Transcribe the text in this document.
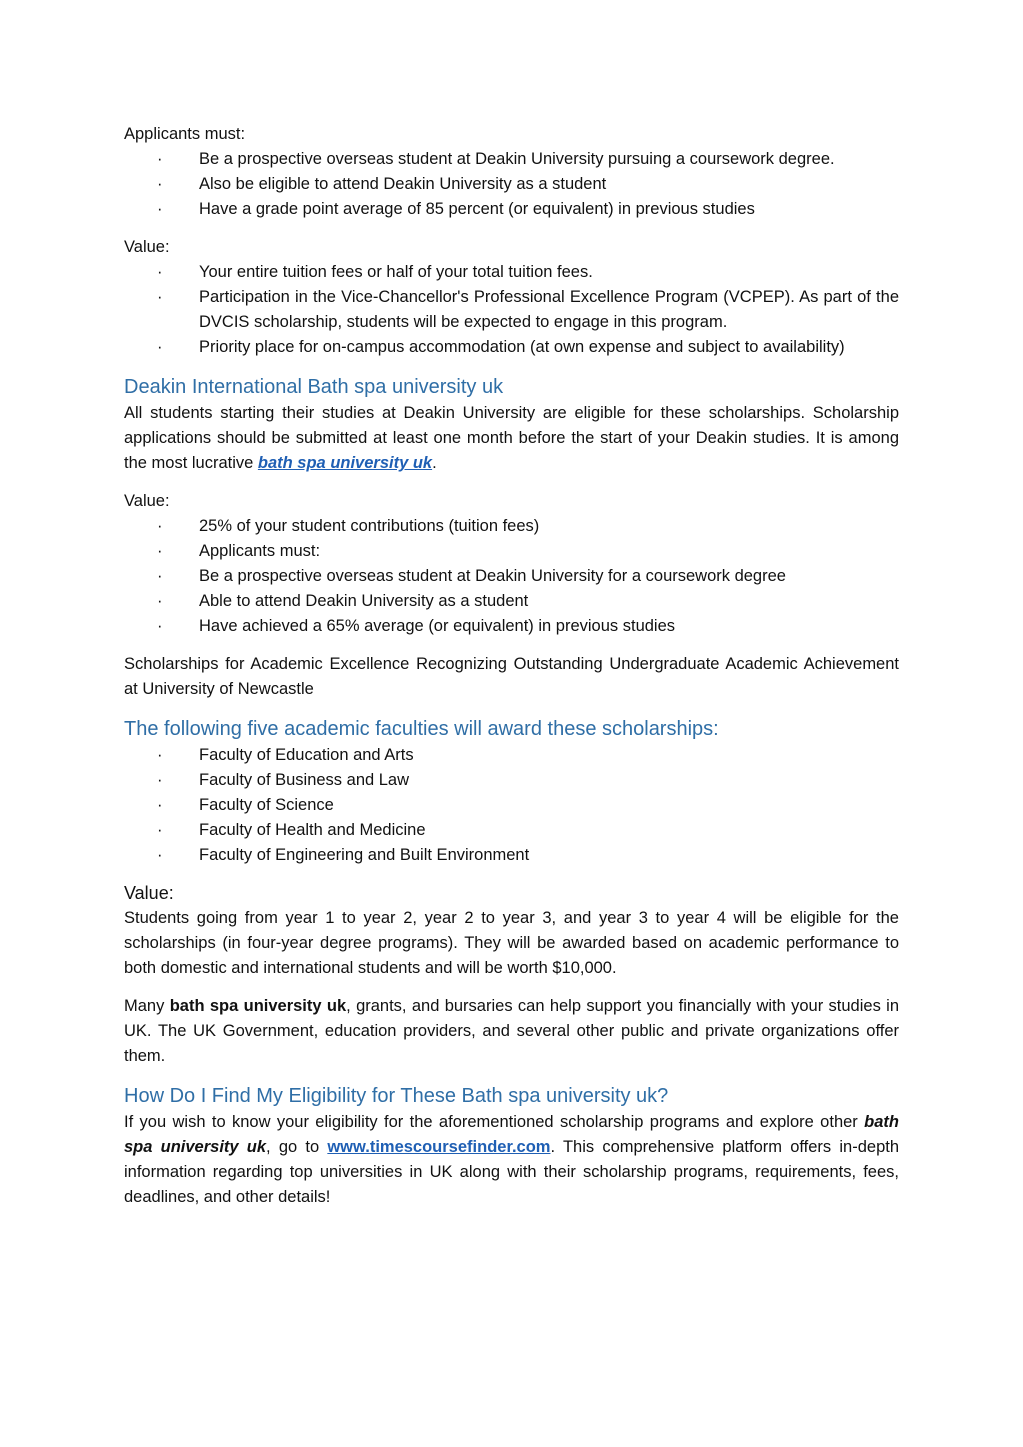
Applicants must:

· Be a prospective overseas student at Deakin University pursuing a coursework degree.
· Also be eligible to attend Deakin University as a student
· Have a grade point average of 85 percent (or equivalent) in previous studies

Value:

· Your entire tuition fees or half of your total tuition fees.
· Participation in the Vice-Chancellor's Professional Excellence Program (VCPEP). As part of the DVCIS scholarship, students will be expected to engage in this program.
· Priority place for on-campus accommodation (at own expense and subject to availability)
Deakin International Bath spa university uk

All students starting their studies at Deakin University are eligible for these scholarships. Scholarship applications should be submitted at least one month before the start of your Deakin studies. It is among the most lucrative bath spa university uk.

Value:

· 25% of your student contributions (tuition fees)
· Applicants must:
· Be a prospective overseas student at Deakin University for a coursework degree
· Able to attend Deakin University as a student
· Have achieved a 65% average (or equivalent) in previous studies

Scholarships for Academic Excellence Recognizing Outstanding Undergraduate Academic Achievement at University of Newcastle

The following five academic faculties will award these scholarships:
· Faculty of Education and Arts
· Faculty of Business and Law
· Faculty of Science
· Faculty of Health and Medicine
· Faculty of Engineering and Built Environment

Value:

Students going from year 1 to year 2, year 2 to year 3, and year 3 to year 4 will be eligible for the scholarships (in four-year degree programs). They will be awarded based on academic performance to both domestic and international students and will be worth $10,000.

Many bath spa university uk, grants, and bursaries can help support you financially with your studies in UK. The UK Government, education providers, and several other public and private organizations offer them.

How Do I Find My Eligibility for These Bath spa university uk?

If you wish to know your eligibility for the aforementioned scholarship programs and explore other bath spa university uk, go to www.timescoursefinder.com. This comprehensive platform offers in-depth information regarding top universities in UK along with their scholarship programs, requirements, fees, deadlines, and other details!
